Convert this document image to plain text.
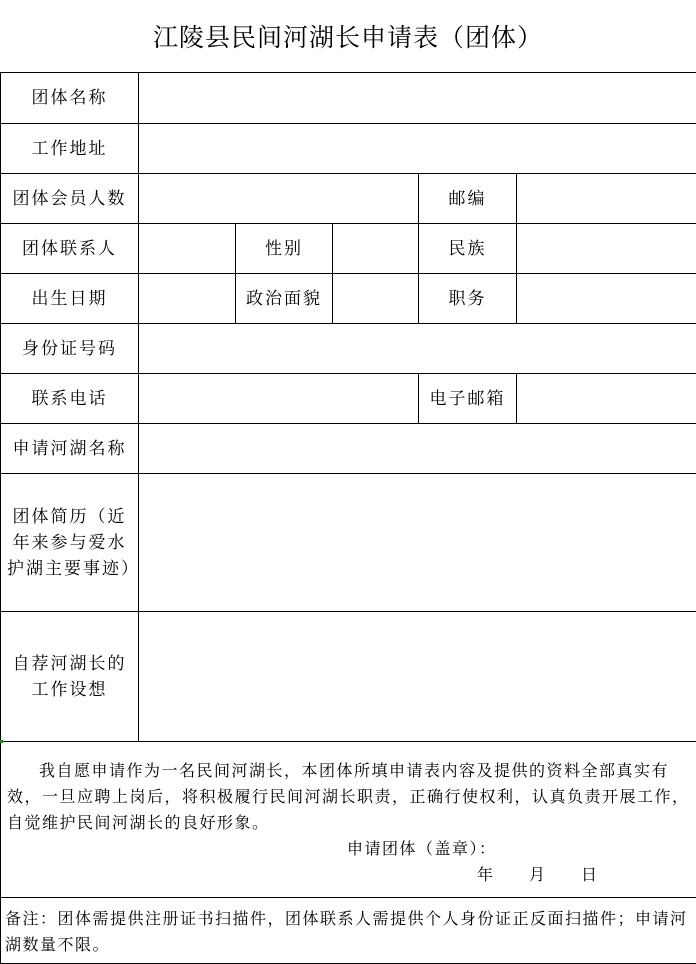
江陵县民间河湖长申请表（团体）
团体名称					
工作地址					
团体会员人数				邮编	
团体联系人		性别		民族	
出生日期		政治面貌		职务	
身份证号码					
联系电话				电子邮箱	
申请河湖名称					
团体简历（近年来参与爱水护湖主要事迹）					
自荐河湖长的工作设想					

我自愿申请作为一名民间河湖长，本团体所填申请表内容及提供的资料全部真实有效，一旦应聘上岗后，将积极履行民间河湖长职责，正确行使权利，认真负责开展工作，自觉维护民间河湖长的良好形象。

申请团体（盖章）：
年 月 日					

备注：团体需提供注册证书扫描件，团体联系人需提供个人身份证正反面扫描件；申请河湖数量不限。					
